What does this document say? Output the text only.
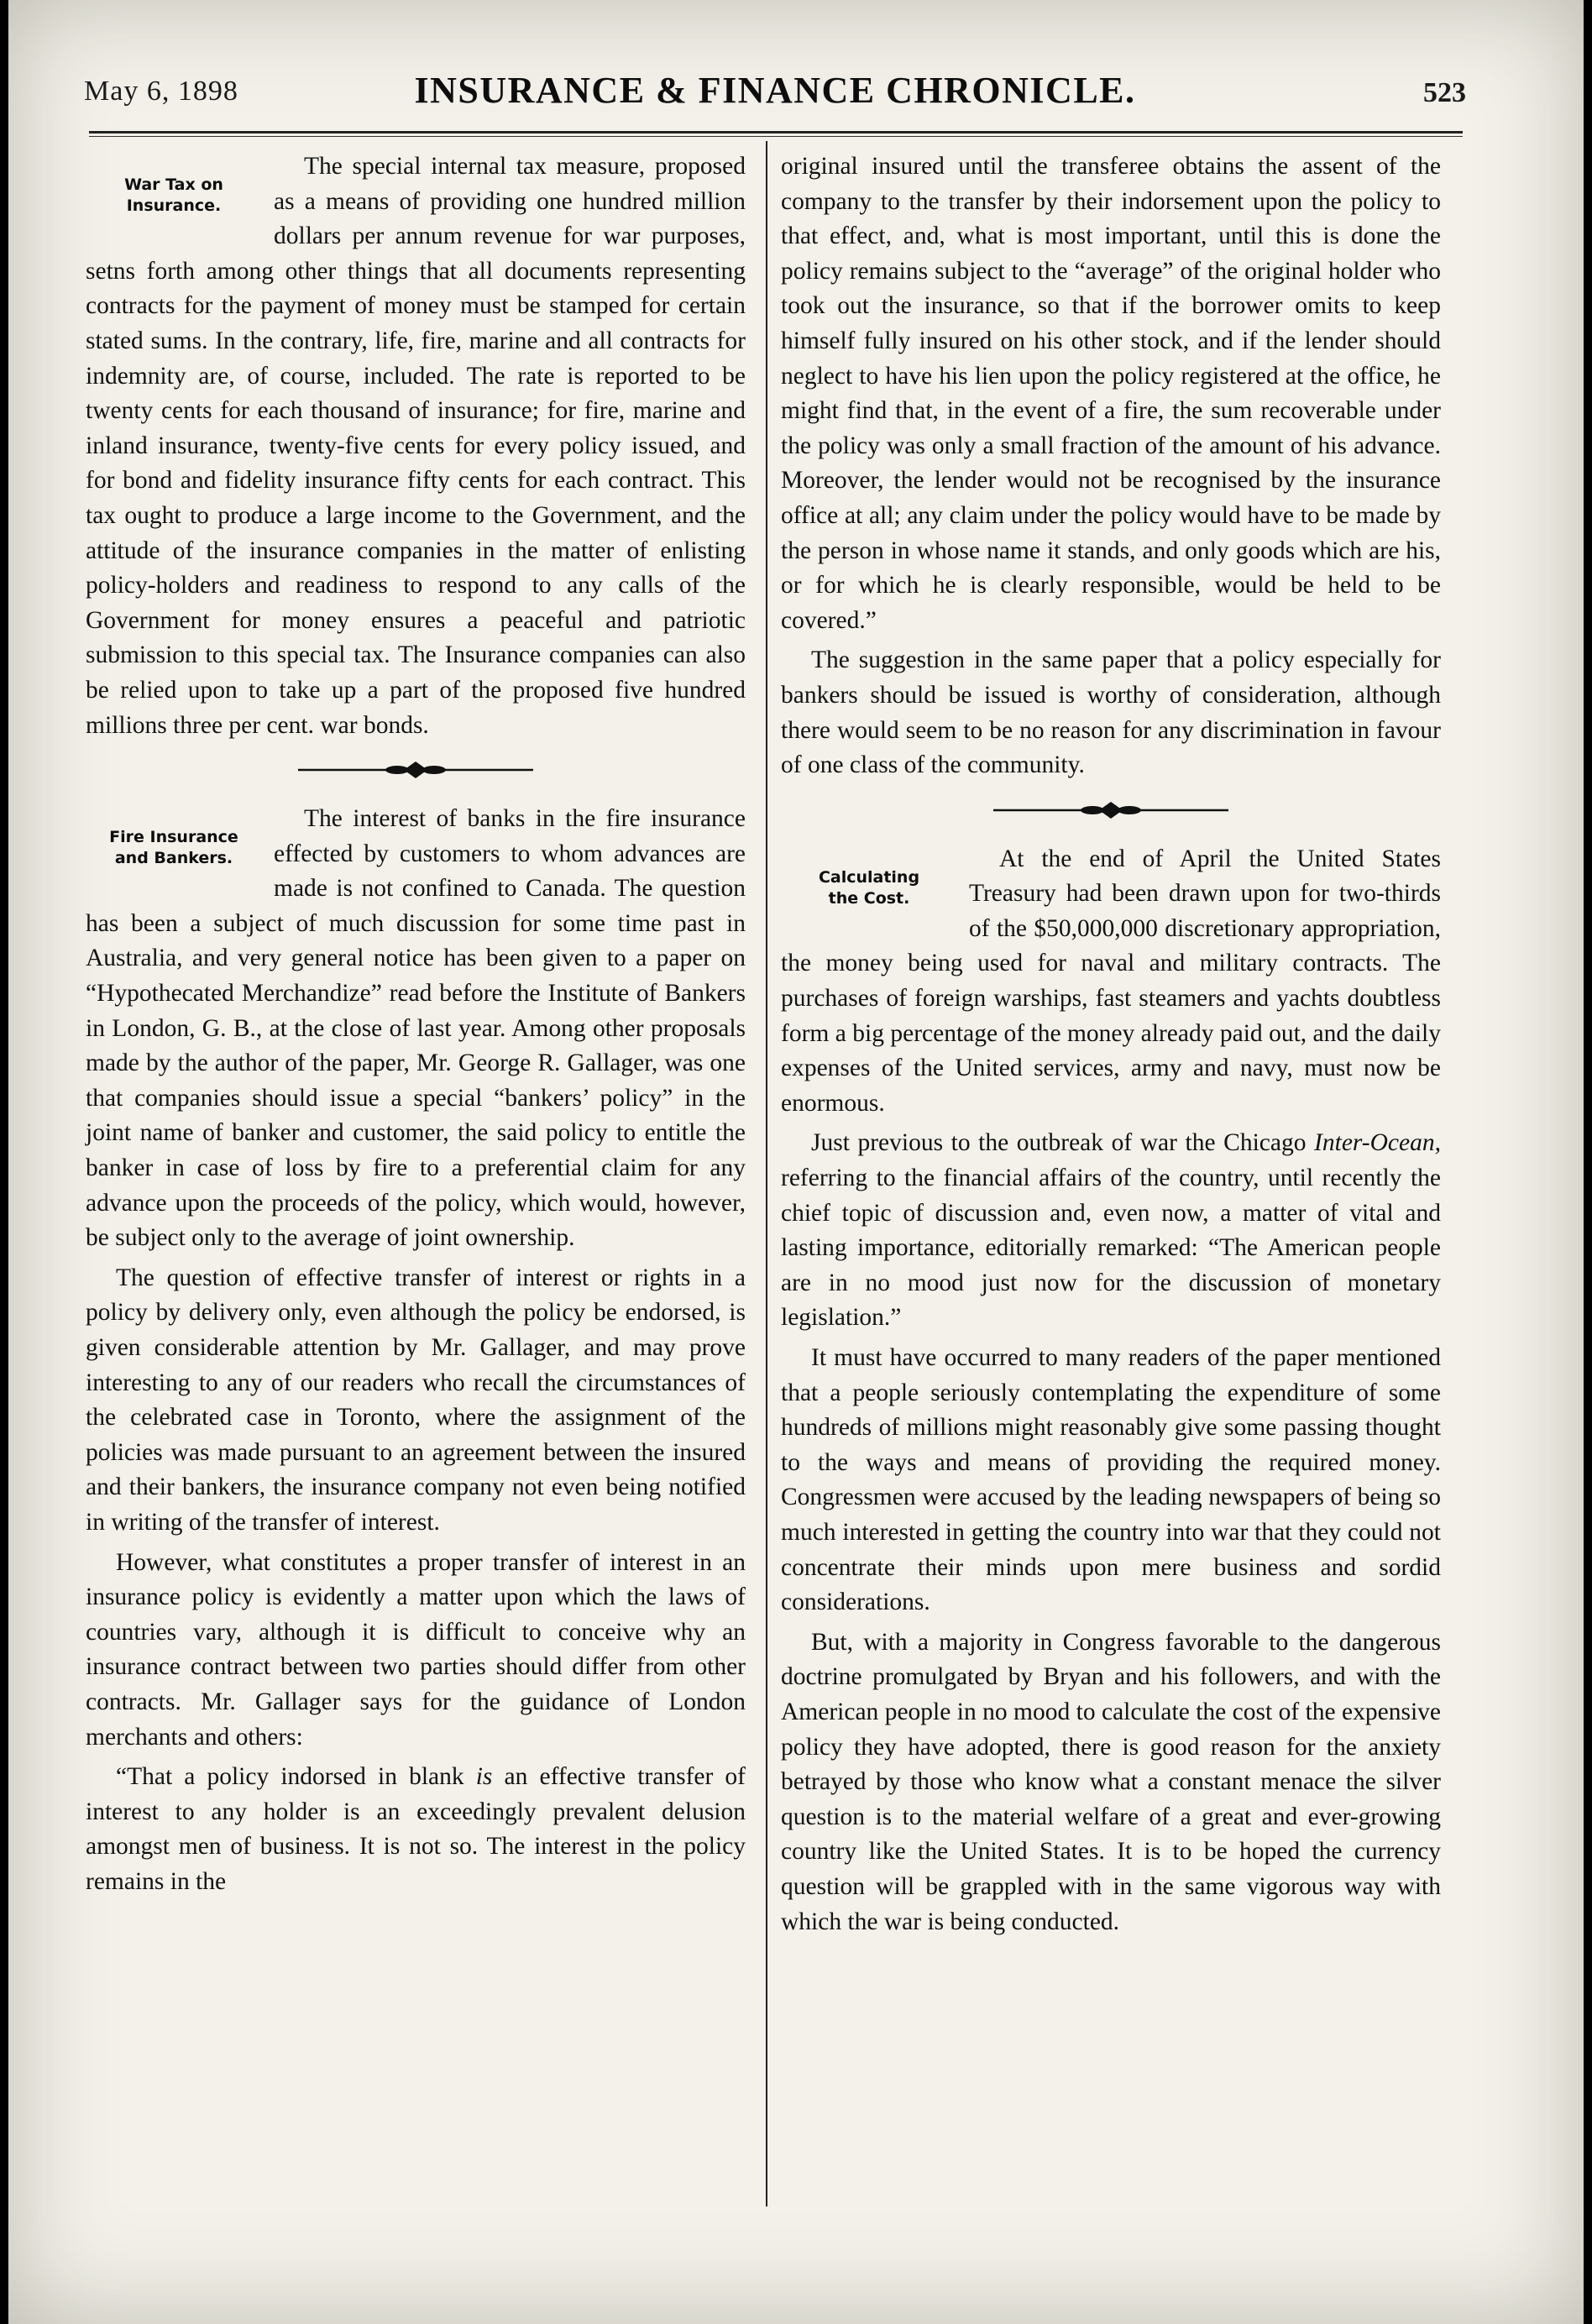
May 6, 1898	INSURANCE & FINANCE CHRONICLE.	523
War Tax on
Insurance.

The special internal tax measure, proposed as a means of providing one hundred million dollars per annum revenue for war purposes, setns forth among other things that all documents representing contracts for the payment of money must be stamped for certain stated sums. In the contrary, life, fire, marine and all contracts for indemnity are, of course, included. The rate is reported to be twenty cents for each thousand of insurance; for fire, marine and inland insurance, twenty-five cents for every policy issued, and for bond and fidelity insurance fifty cents for each contract. This tax ought to produce a large income to the Government, and the attitude of the insurance companies in the matter of enlisting policy-holders and readiness to respond to any calls of the Government for money ensures a peaceful and patriotic submission to this special tax. The Insurance companies can also be relied upon to take up a part of the proposed five hundred millions three per cent. war bonds.

Fire Insurance
and Bankers.

The interest of banks in the fire insurance effected by customers to whom advances are made is not confined to Canada. The question has been a subject of much discussion for some time past in Australia, and very general notice has been given to a paper on “Hypothecated Merchandize” read before the Institute of Bankers in London, G. B., at the close of last year. Among other proposals made by the author of the paper, Mr. George R. Gallager, was one that companies should issue a special “bankers’ policy” in the joint name of banker and customer, the said policy to entitle the banker in case of loss by fire to a preferential claim for any advance upon the proceeds of the policy, which would, however, be subject only to the average of joint ownership.

The question of effective transfer of interest or rights in a policy by delivery only, even although the policy be endorsed, is given considerable attention by Mr. Gallager, and may prove interesting to any of our readers who recall the circumstances of the celebrated case in Toronto, where the assignment of the policies was made pursuant to an agreement between the insured and their bankers, the insurance company not even being notified in writing of the transfer of interest.

However, what constitutes a proper transfer of interest in an insurance policy is evidently a matter upon which the laws of countries vary, although it is difficult to conceive why an insurance contract between two parties should differ from other contracts. Mr. Gallager says for the guidance of London merchants and others:

“That a policy indorsed in blank is an effective transfer of interest to any holder is an exceedingly prevalent delusion amongst men of business. It is not so. The interest in the policy remains in the

original insured until the transferee obtains the assent of the company to the transfer by their indorsement upon the policy to that effect, and, what is most important, until this is done the policy remains subject to the “average” of the original holder who took out the insurance, so that if the borrower omits to keep himself fully insured on his other stock, and if the lender should neglect to have his lien upon the policy registered at the office, he might find that, in the event of a fire, the sum recoverable under the policy was only a small fraction of the amount of his advance. Moreover, the lender would not be recognised by the insurance office at all; any claim under the policy would have to be made by the person in whose name it stands, and only goods which are his, or for which he is clearly responsible, would be held to be covered.”

The suggestion in the same paper that a policy especially for bankers should be issued is worthy of consideration, although there would seem to be no reason for any discrimination in favour of one class of the community.

Calculating
the Cost.

At the end of April the United States Treasury had been drawn upon for two-thirds of the $50,000,000 discretionary appropriation, the money being used for naval and military contracts. The purchases of foreign warships, fast steamers and yachts doubtless form a big percentage of the money already paid out, and the daily expenses of the United services, army and navy, must now be enormous.

Just previous to the outbreak of war the Chicago Inter-Ocean, referring to the financial affairs of the country, until recently the chief topic of discussion and, even now, a matter of vital and lasting importance, editorially remarked: “The American people are in no mood just now for the discussion of monetary legislation.”

It must have occurred to many readers of the paper mentioned that a people seriously contemplating the expenditure of some hundreds of millions might reasonably give some passing thought to the ways and means of providing the required money. Congressmen were accused by the leading newspapers of being so much interested in getting the country into war that they could not concentrate their minds upon mere business and sordid considerations.

But, with a majority in Congress favorable to the dangerous doctrine promulgated by Bryan and his followers, and with the American people in no mood to calculate the cost of the expensive policy they have adopted, there is good reason for the anxiety betrayed by those who know what a constant menace the silver question is to the material welfare of a great and ever-growing country like the United States. It is to be hoped the currency question will be grappled with in the same vigorous way with which the war is being conducted.
